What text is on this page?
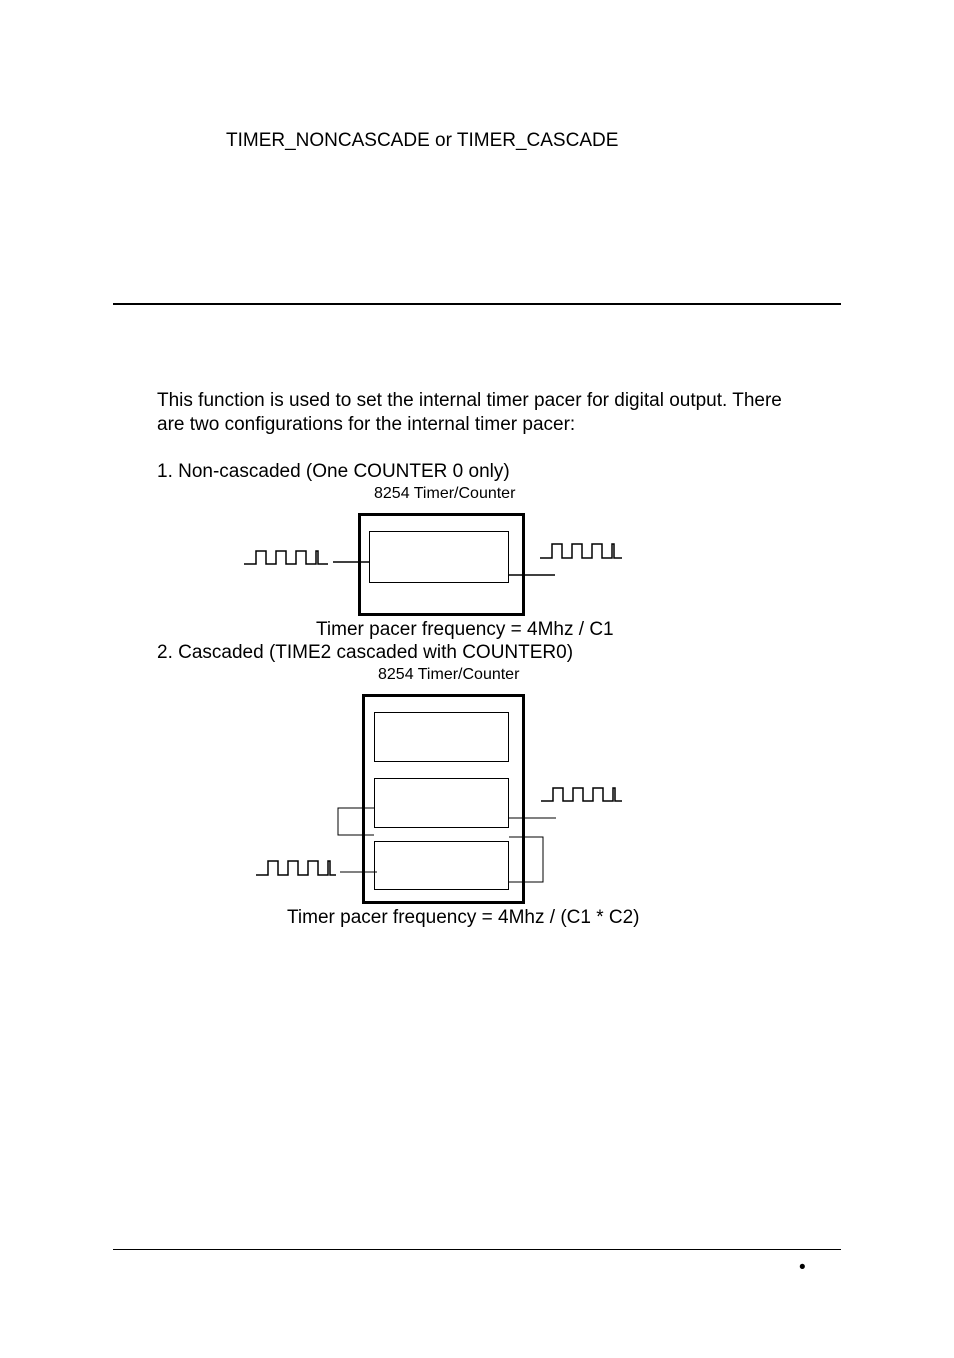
TIMER_NONCASCADE or TIMER_CASCADE
This function is used to set the internal timer pacer for digital output. There
are two configurations for the internal timer pacer:
1. Non-cascaded (One COUNTER 0 only)
8254 Timer/Counter
Timer pacer frequency = 4Mhz / C1
2. Cascaded (TIME2 cascaded with COUNTER0)
8254 Timer/Counter
Timer pacer frequency = 4Mhz / (C1 * C2)
•
